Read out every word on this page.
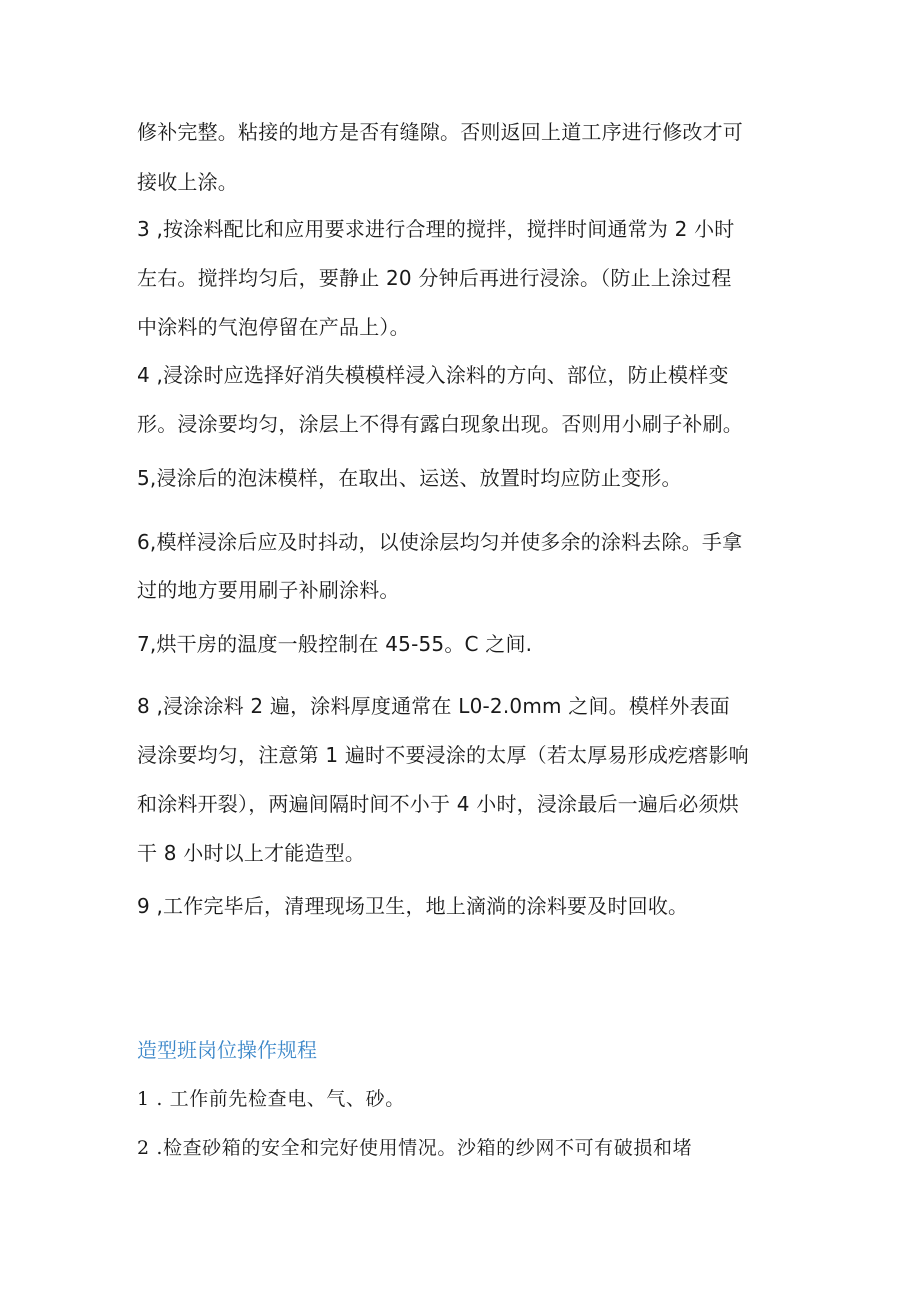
修补完整。粘接的地方是否有缝隙。否则返回上道工序进行修改才可
接收上涂。
3 ,按涂料配比和应用要求进行合理的搅拌，搅拌时间通常为 2 小时
左右。搅拌均匀后，要静止 20 分钟后再进行浸涂。（防止上涂过程
中涂料的气泡停留在产品上）。
4 ,浸涂时应选择好消失模模样浸入涂料的方向、部位，防止模样变
形。浸涂要均匀，涂层上不得有露白现象出现。否则用小刷子补刷。
5,浸涂后的泡沫模样，在取出、运送、放置时均应防止变形。
6,模样浸涂后应及时抖动，以使涂层均匀并使多余的涂料去除。手拿
过的地方要用刷子补刷涂料。
7,烘干房的温度一般控制在 45-55。C 之间.
8 ,浸涂涂料 2 遍，涂料厚度通常在 L0-2.0mm 之间。模样外表面
浸涂要均匀，注意第 1 遍时不要浸涂的太厚（若太厚易形成疙瘩影响
和涂料开裂），两遍间隔时间不小于 4 小时，浸涂最后一遍后必须烘
干 8 小时以上才能造型。
9 ,工作完毕后，清理现场卫生，地上滴淌的涂料要及时回收。
造型班岗位操作规程
1 . 工作前先检查电、气、砂。
2 .检查砂箱的安全和完好使用情况。沙箱的纱网不可有破损和堵
